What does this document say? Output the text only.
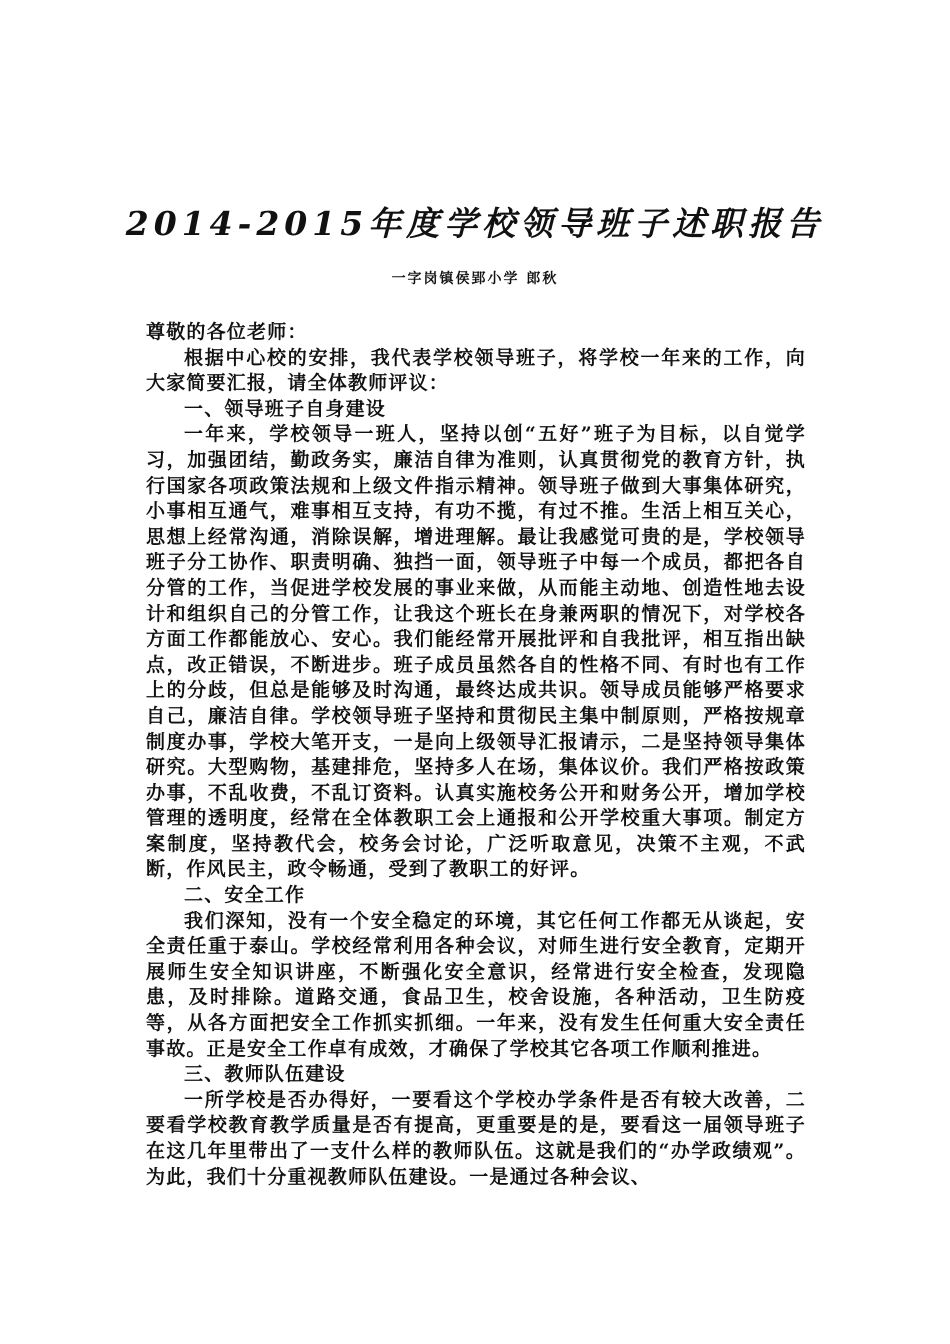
2014-2015年度学校领导班子述职报告
一字岗镇侯郢小学 郎秋

尊敬的各位老师：

根据中心校的安排，我代表学校领导班子，将学校一年来的工作，向大家简要汇报，请全体教师评议：

一、领导班子自身建设

一年来，学校领导一班人，坚持以创“五好”班子为目标，以自觉学习，加强团结，勤政务实，廉洁自律为准则，认真贯彻党的教育方针，执行国家各项政策法规和上级文件指示精神。领导班子做到大事集体研究，小事相互通气，难事相互支持，有功不揽，有过不推。生活上相互关心，思想上经常沟通，消除误解，增进理解。最让我感觉可贵的是，学校领导班子分工协作、职责明确、独挡一面，领导班子中每一个成员，都把各自分管的工作，当促进学校发展的事业来做，从而能主动地、创造性地去设计和组织自己的分管工作，让我这个班长在身兼两职的情况下，对学校各方面工作都能放心、安心。我们能经常开展批评和自我批评，相互指出缺点，改正错误，不断进步。班子成员虽然各自的性格不同、有时也有工作上的分歧，但总是能够及时沟通，最终达成共识。领导成员能够严格要求自己，廉洁自律。学校领导班子坚持和贯彻民主集中制原则，严格按规章制度办事，学校大笔开支，一是向上级领导汇报请示，二是坚持领导集体研究。大型购物，基建排危，坚持多人在场，集体议价。我们严格按政策办事，不乱收费，不乱订资料。认真实施校务公开和财务公开，增加学校管理的透明度，经常在全体教职工会上通报和公开学校重大事项。制定方案制度，坚持教代会，校务会讨论，广泛听取意见，决策不主观，不武断，作风民主，政令畅通，受到了教职工的好评。

二、安全工作

我们深知，没有一个安全稳定的环境，其它任何工作都无从谈起，安全责任重于泰山。学校经常利用各种会议，对师生进行安全教育，定期开展师生安全知识讲座，不断强化安全意识，经常进行安全检查，发现隐患，及时排除。道路交通，食品卫生，校舍设施，各种活动，卫生防疫等，从各方面把安全工作抓实抓细。一年来，没有发生任何重大安全责任事故。正是安全工作卓有成效，才确保了学校其它各项工作顺利推进。

三、教师队伍建设

一所学校是否办得好，一要看这个学校办学条件是否有较大改善，二要看学校教育教学质量是否有提高，更重要是的是，要看这一届领导班子在这几年里带出了一支什么样的教师队伍。这就是我们的“办学政绩观”。为此，我们十分重视教师队伍建设。一是通过各种会议、
